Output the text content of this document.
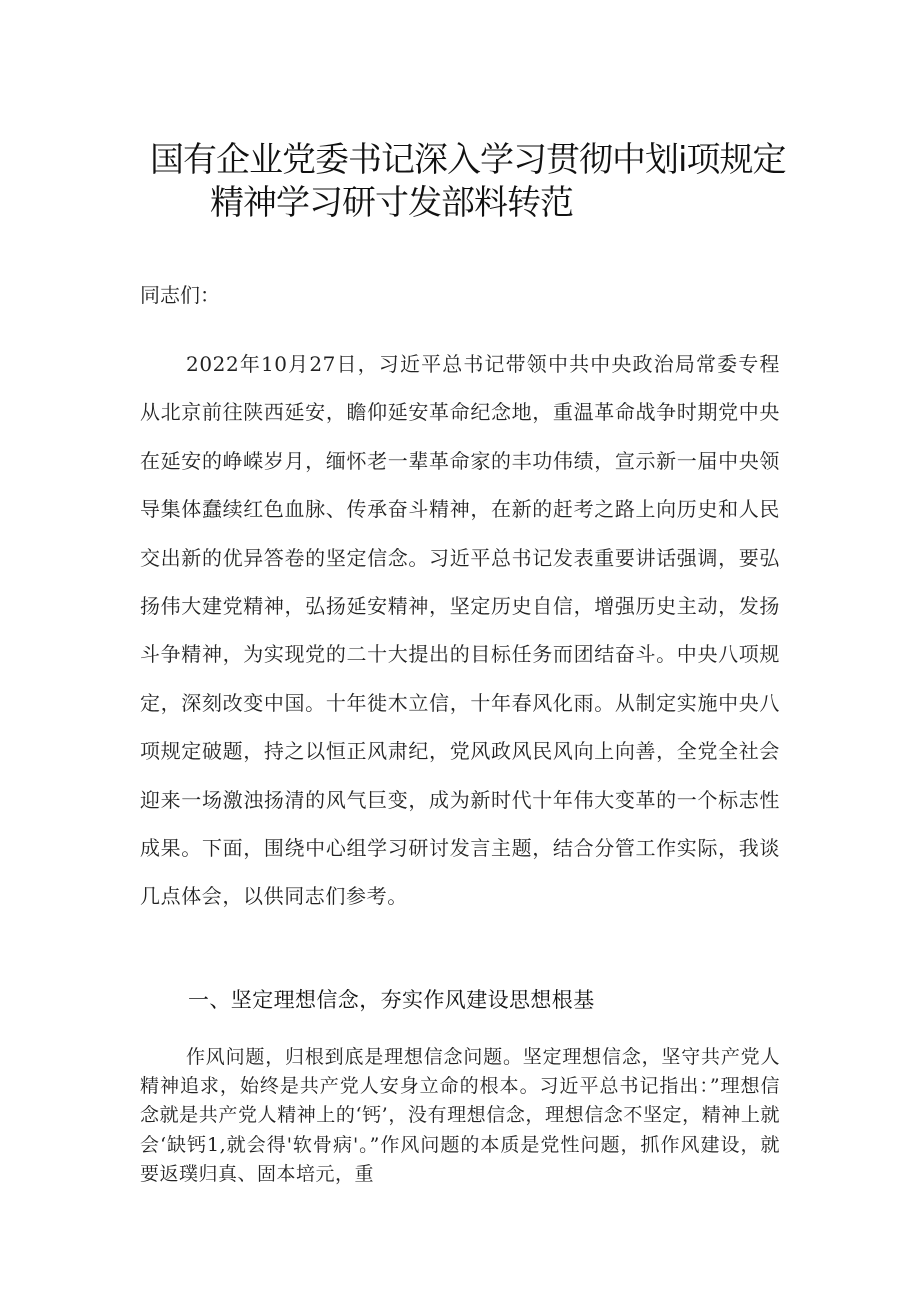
国有企业党委书记深入学习贯彻中划i项规定
精神学习研寸发部料转范
同志们：
2022年10月27日，习近平总书记带领中共中央政治局常委专程从北京前往陕西延安，瞻仰延安革命纪念地，重温革命战争时期党中央在延安的峥嵘岁月，缅怀老一辈革命家的丰功伟绩，宣示新一届中央领导集体蠢续红色血脉、传承奋斗精神，在新的赶考之路上向历史和人民交出新的优异答卷的坚定信念。习近平总书记发表重要讲话强调，要弘扬伟大建党精神，弘扬延安精神，坚定历史自信，增强历史主动，发扬斗争精神，为实现党的二十大提出的目标任务而团结奋斗。中央八项规定，深刻改变中国。十年徙木立信，十年春风化雨。从制定实施中央八项规定破题，持之以恒正风肃纪，党风政风民风向上向善，全党全社会迎来一场激浊扬清的风气巨变，成为新时代十年伟大变革的一个标志性成果。下面，围绕中心组学习研讨发言主题，结合分管工作实际，我谈几点体会，以供同志们参考。
一、坚定理想信念，夯实作风建设思想根基
作风问题，归根到底是理想信念问题。坚定理想信念，坚守共产党人精神追求，始终是共产党人安身立命的根本。习近平总书记指出：”理想信念就是共产党人精神上的‘钙’，没有理想信念，理想信念不坚定，精神上就会‘缺钙1,就会得'软骨病'。”作风问题的本质是党性问题，抓作风建设，就要返璞归真、固本培元，重
